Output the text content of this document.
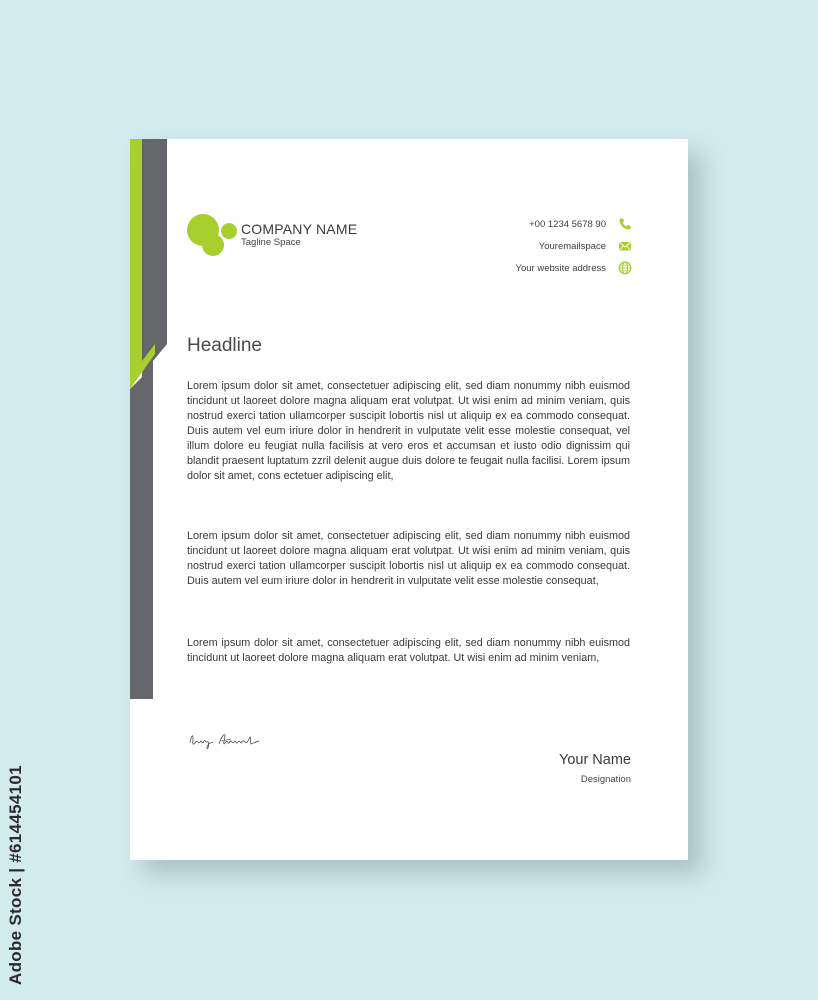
COMPANY NAME
Tagline Space
+00 1234 5678 90
Youremailspace
Your website address
Headline

Lorem ipsum dolor sit amet, consectetuer adipiscing elit, sed diam nonummy nibh euismod tincidunt ut laoreet dolore magna aliquam erat volutpat. Ut wisi enim ad minim veniam, quis nostrud exerci tation ullamcorper suscipit lobortis nisl ut aliquip ex ea commodo consequat. Duis autem vel eum iriure dolor in hendrerit in vulputate velit esse molestie consequat, vel illum dolore eu feugiat nulla facilisis at vero eros et accumsan et iusto odio dignissim qui blandit praesent luptatum zzril delenit augue duis dolore te feugait nulla facilisi. Lorem ipsum dolor sit amet, cons ectetuer adipiscing elit,

Lorem ipsum dolor sit amet, consectetuer adipiscing elit, sed diam nonummy nibh euismod tincidunt ut laoreet dolore magna aliquam erat volutpat. Ut wisi enim ad minim veniam, quis nostrud exerci tation ullamcorper suscipit lobortis nisl ut aliquip ex ea commodo consequat. Duis autem vel eum iriure dolor in hendrerit in vulputate velit esse molestie consequat,

Lorem ipsum dolor sit amet, consectetuer adipiscing elit, sed diam nonummy nibh euismod tincidunt ut laoreet dolore magna aliquam erat volutpat. Ut wisi enim ad minim veniam,

Your Name
Designation
Adobe Stock | #614454101
